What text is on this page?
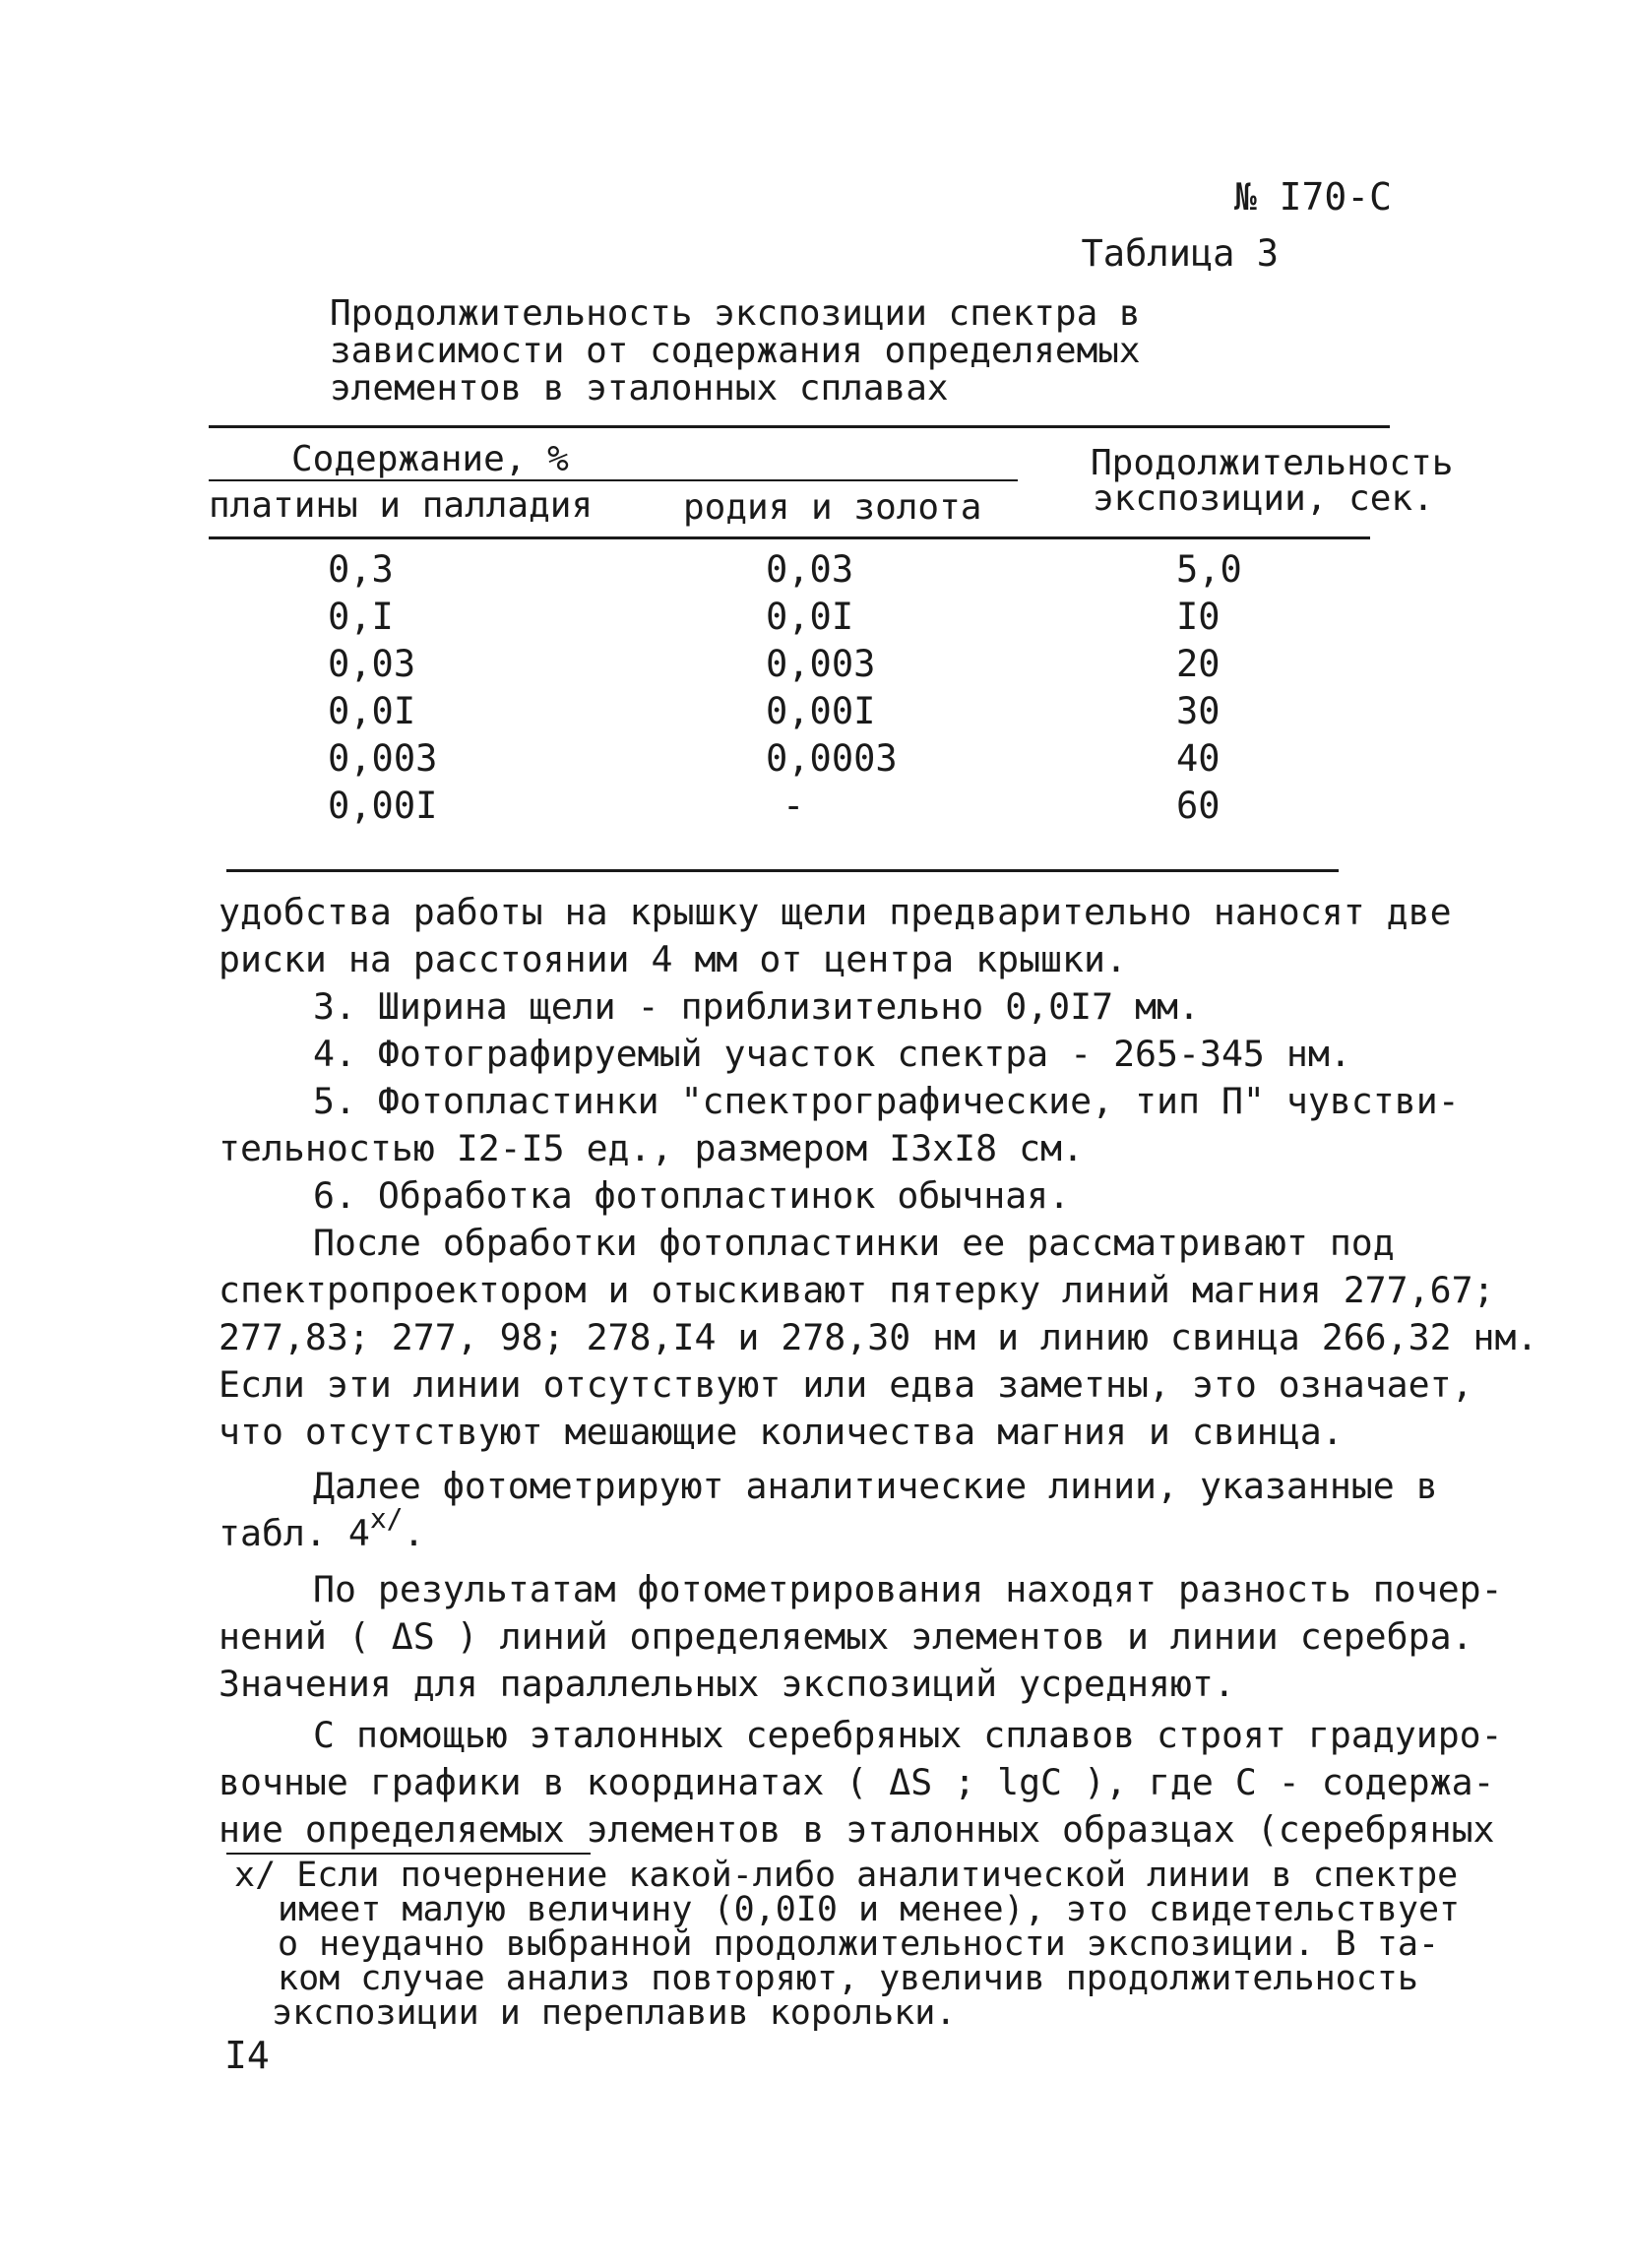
№ I70-C
Таблица 3
Продолжительность экспозиции спектра в
зависимости от содержания определяемых
элементов в эталонных сплавах
Содержание, %
платины и палладия	родия и золота
Продолжительность
экспозиции, сек.
0,3	0,03	5,0
0,I	0,0I	I0
0,03	0,003	20
0,0I	0,00I	30
0,003	0,0003	40
0,00I	-	60
удобства работы на крышку щели предварительно наносят две
риски на расстоянии 4 мм от центра крышки.
3. Ширина щели - приблизительно 0,0I7 мм.
4. Фотографируемый участок спектра - 265-345 нм.
5. Фотопластинки "спектрографические, тип П" чувстви-
тельностью I2-I5 ед., размером I3xI8 см.
6. Обработка фотопластинок обычная.
После обработки фотопластинки ее рассматривают под
спектропроектором и отыскивают пятерку линий магния 277,67;
277,83; 277, 98; 278,I4 и 278,30 нм и линию свинца 266,32 нм.
Если эти линии отсутствуют или едва заметны, это означает,
что отсутствуют мешающие количества магния и свинца.
Далее фотометрируют аналитические линии, указанные в
табл. $4^{x/}$.
По результатам фотометрирования находят разность почер-
нений ( ΔS ) линий определяемых элементов и линии серебра.
Значения для параллельных экспозиций усредняют.
С помощью эталонных серебряных сплавов строят градуиро-
вочные графики в координатах ( ΔS ; lgC ), где С - содержа-
ние определяемых элементов в эталонных образцах (серебряных
x/ Если почернение какой-либо аналитической линии в спектре
имеет малую величину (0,0I0 и менее), это свидетельствует
о неудачно выбранной продолжительности экспозиции. В та-
ком случае анализ повторяют, увеличив продолжительность
экспозиции и переплавив корольки.
I4
